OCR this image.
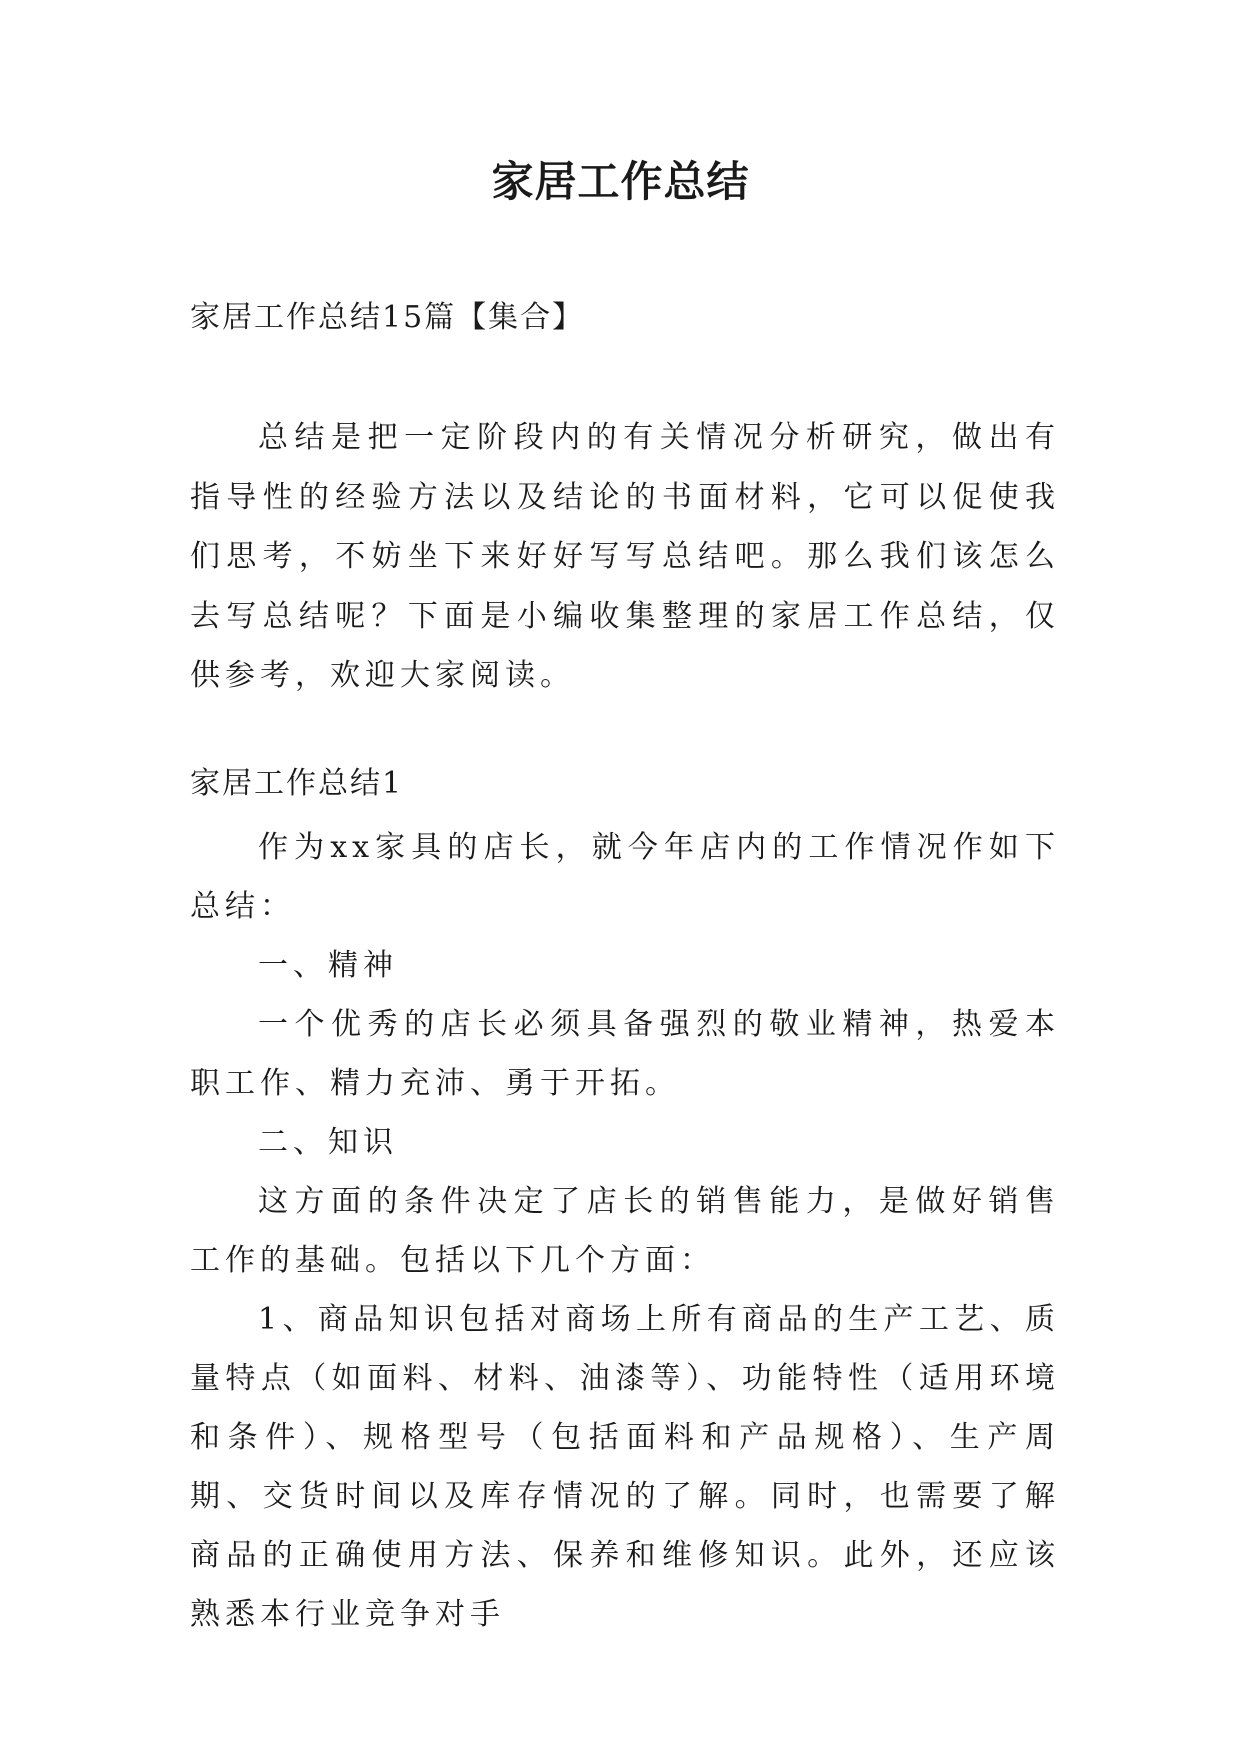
家居工作总结
家居工作总结15篇【集合】

总结是把一定阶段内的有关情况分析研究，做出有指导性的经验方法以及结论的书面材料，它可以促使我们思考，不妨坐下来好好写写总结吧。那么我们该怎么去写总结呢？下面是小编收集整理的家居工作总结，仅供参考，欢迎大家阅读。

家居工作总结1

作为xx家具的店长，就今年店内的工作情况作如下总结：

一、精神

一个优秀的店长必须具备强烈的敬业精神，热爱本职工作、精力充沛、勇于开拓。

二、知识

这方面的条件决定了店长的销售能力，是做好销售工作的基础。包括以下几个方面：

1、商品知识包括对商场上所有商品的生产工艺、质量特点（如面料、材料、油漆等）、功能特性（适用环境和条件）、规格型号（包括面料和产品规格）、生产周期、交货时间以及库存情况的了解。同时，也需要了解商品的正确使用方法、保养和维修知识。此外，还应该熟悉本行业竞争对手
